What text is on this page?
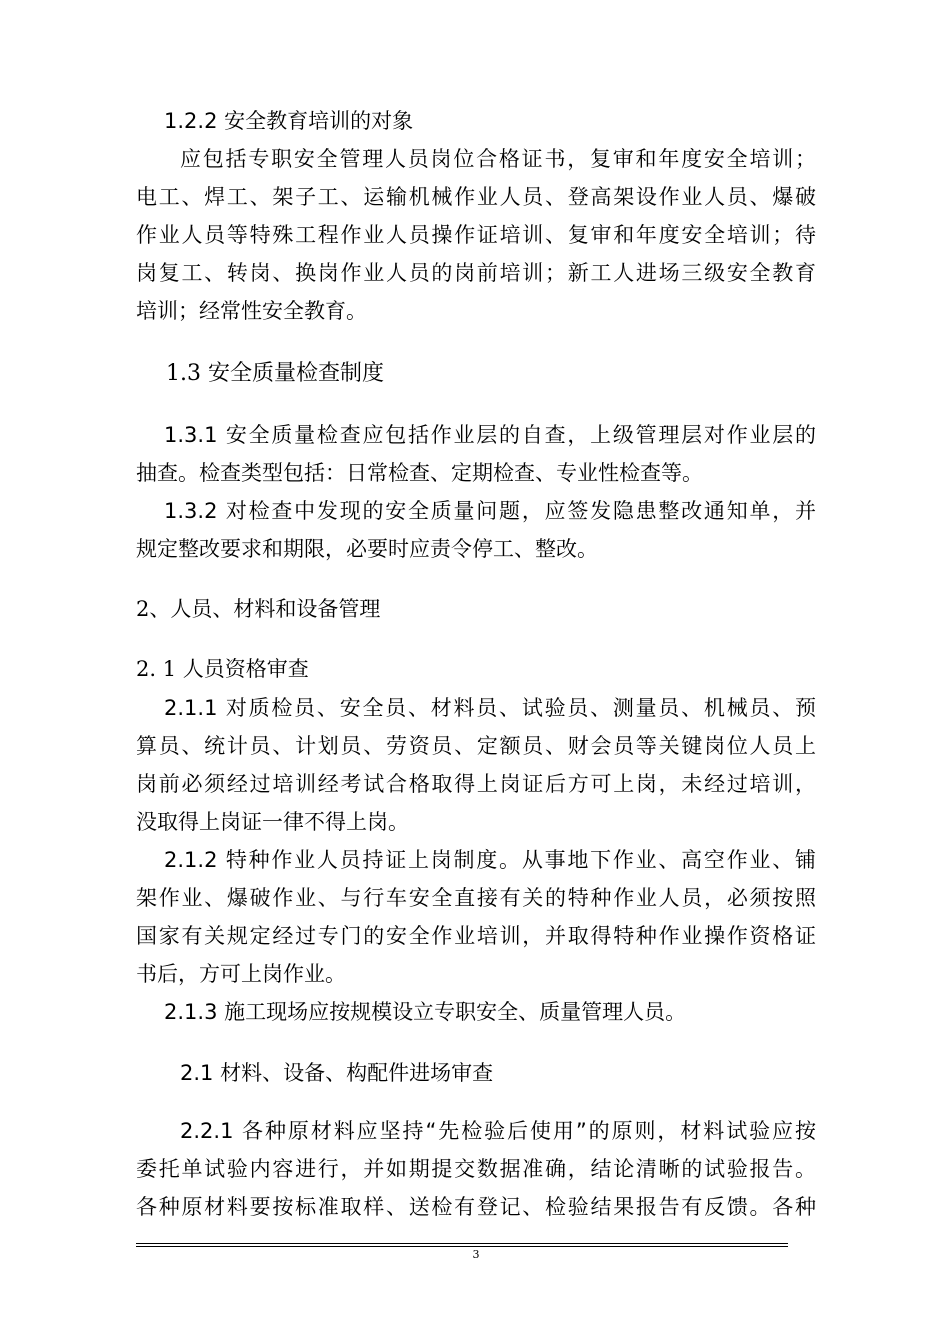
1.2.2 安全教育培训的对象
应包括专职安全管理人员岗位合格证书，复审和年度安全培训；
电工、焊工、架子工、运输机械作业人员、登高架设作业人员、爆破
作业人员等特殊工程作业人员操作证培训、复审和年度安全培训；待
岗复工、转岗、换岗作业人员的岗前培训；新工人进场三级安全教育
培训；经常性安全教育。
1.3 安全质量检查制度
1.3.1 安全质量检查应包括作业层的自查，上级管理层对作业层的
抽查。检查类型包括：日常检查、定期检查、专业性检查等。
1.3.2 对检查中发现的安全质量问题，应签发隐患整改通知单，并
规定整改要求和期限，必要时应责令停工、整改。
2、人员、材料和设备管理
2. 1 人员资格审查
2.1.1 对质检员、安全员、材料员、试验员、测量员、机械员、预
算员、统计员、计划员、劳资员、定额员、财会员等关键岗位人员上
岗前必须经过培训经考试合格取得上岗证后方可上岗，未经过培训，
没取得上岗证一律不得上岗。
2.1.2 特种作业人员持证上岗制度。从事地下作业、高空作业、铺
架作业、爆破作业、与行车安全直接有关的特种作业人员，必须按照
国家有关规定经过专门的安全作业培训，并取得特种作业操作资格证
书后，方可上岗作业。
2.1.3 施工现场应按规模设立专职安全、质量管理人员。
2.1 材料、设备、构配件进场审查
2.2.1 各种原材料应坚持“先检验后使用”的原则，材料试验应按
委托单试验内容进行，并如期提交数据准确，结论清晰的试验报告。
各种原材料要按标准取样、送检有登记、检验结果报告有反馈。各种
3
